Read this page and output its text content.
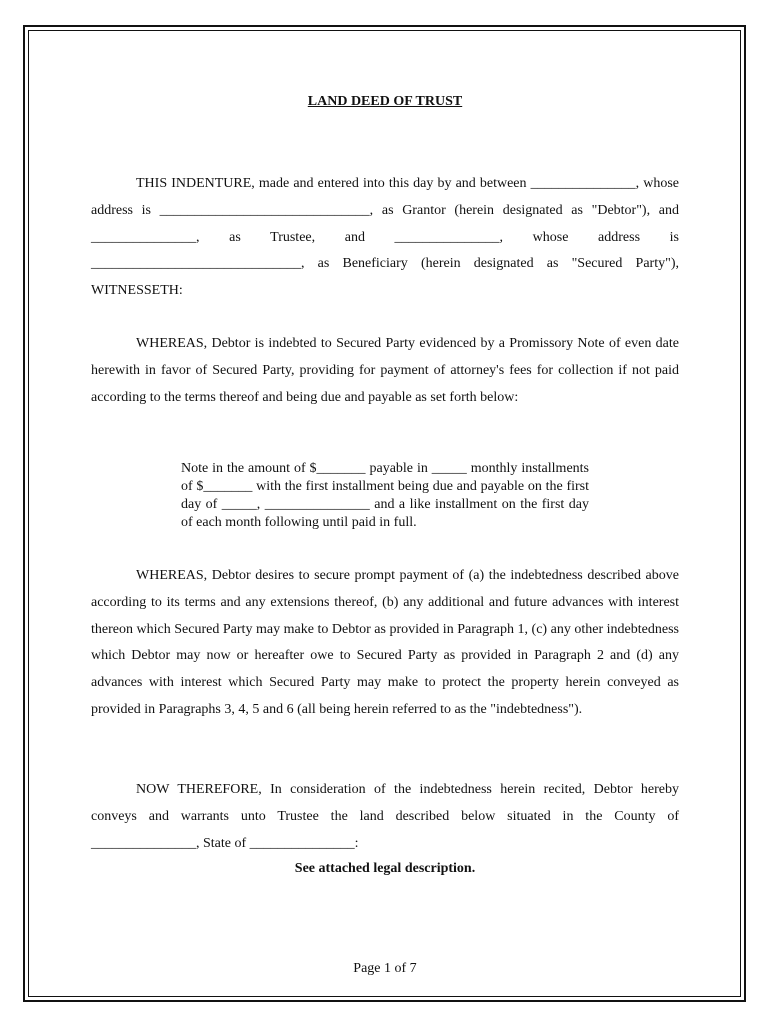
LAND DEED OF TRUST

THIS INDENTURE, made and entered into this day by and between _______________, whose address is ______________________________, as Grantor (herein designated as "Debtor"), and _______________, as Trustee, and _______________, whose address is ______________________________, as Beneficiary (herein designated as "Secured Party"), WITNESSETH:

WHEREAS, Debtor is indebted to Secured Party evidenced by a Promissory Note of even date herewith in favor of Secured Party, providing for payment of attorney's fees for collection if not paid according to the terms thereof and being due and payable as set forth below:

Note in the amount of $_______ payable in _____ monthly installments of $_______ with the first installment being due and payable on the first day of _____, _______________ and a like installment on the first day of each month following until paid in full.

WHEREAS, Debtor desires to secure prompt payment of (a) the indebtedness described above according to its terms and any extensions thereof, (b) any additional and future advances with interest thereon which Secured Party may make to Debtor as provided in Paragraph 1, (c) any other indebtedness which Debtor may now or hereafter owe to Secured Party as provided in Paragraph 2 and (d) any advances with interest which Secured Party may make to protect the property herein conveyed as provided in Paragraphs 3, 4, 5 and 6 (all being herein referred to as the "indebtedness").

NOW THEREFORE, In consideration of the indebtedness herein recited, Debtor hereby conveys and warrants unto Trustee the land described below situated in the County of _______________, State of _______________:

See attached legal description.
Page 1 of 7
